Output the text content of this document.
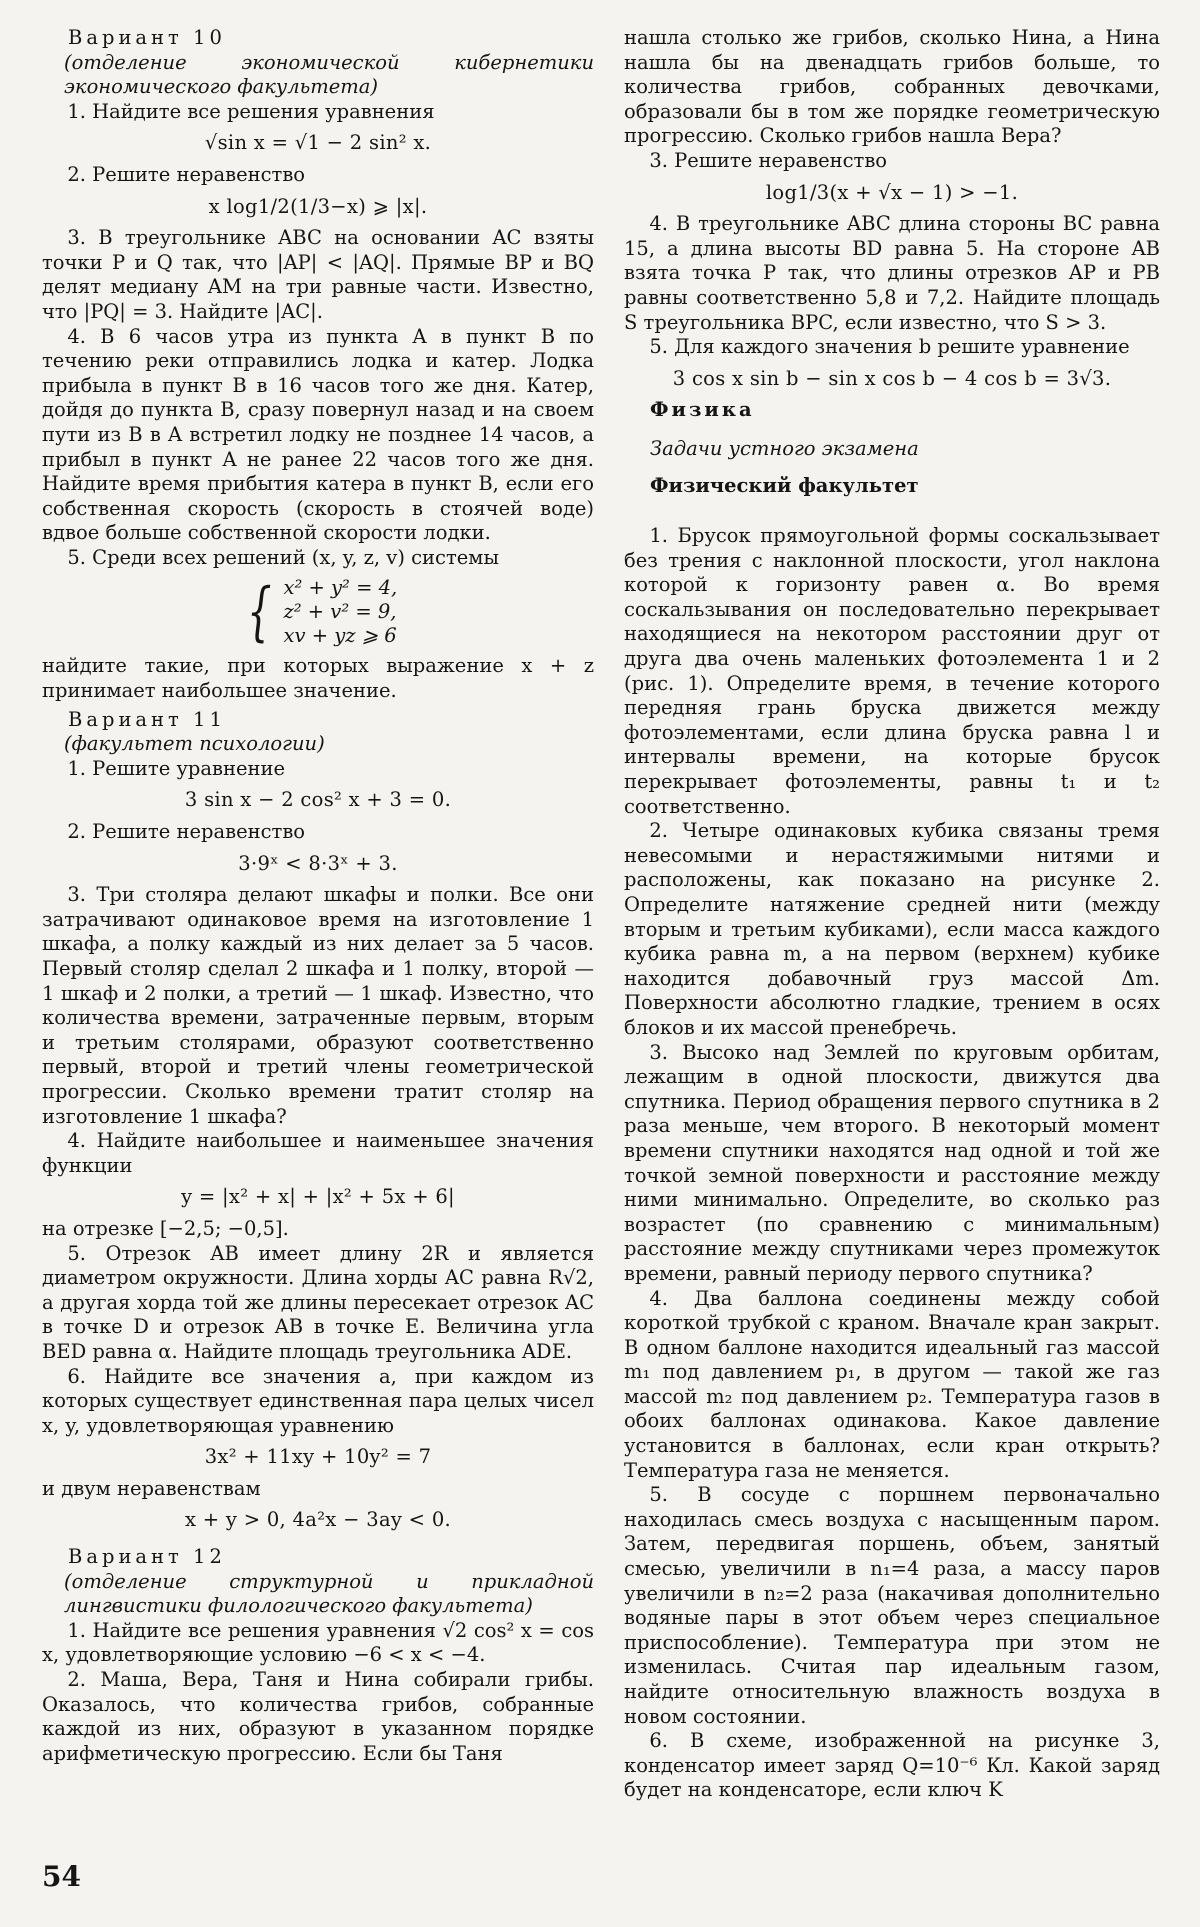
Вариант 10
(отделение экономической кибернетики экономического факультета)

1. Найдите все решения уравнения

√sin x = √1 − 2 sin² x.

2. Решите неравенство

x log1/2(1/3−x) ⩾ |x|.

3. В треугольнике ABC на основании AC взяты точки P и Q так, что |AP| < |AQ|. Прямые BP и BQ делят медиану AM на три равные части. Известно, что |PQ| = 3. Найдите |AC|.

4. В 6 часов утра из пункта A в пункт B по течению реки отправились лодка и катер. Лодка прибыла в пункт B в 16 часов того же дня. Катер, дойдя до пункта B, сразу повернул назад и на своем пути из B в A встретил лодку не позднее 14 часов, а прибыл в пункт A не ранее 22 часов того же дня. Найдите время прибытия катера в пункт B, если его собственная скорость (скорость в стоячей воде) вдвое больше собственной скорости лодки.

5. Среди всех решений (x, y, z, v) системы

{ x² + y² = 4,
z² + v² = 9,
xv + yz ⩾ 6

найдите такие, при которых выражение x + z принимает наибольшее значение.

Вариант 11
(факультет психологии)

1. Решите уравнение

3 sin x − 2 cos² x + 3 = 0.

2. Решите неравенство

3·9ˣ < 8·3ˣ + 3.

3. Три столяра делают шкафы и полки. Все они затрачивают одинаковое время на изготовление 1 шкафа, а полку каждый из них делает за 5 часов. Первый столяр сделал 2 шкафа и 1 полку, второй — 1 шкаф и 2 полки, а третий — 1 шкаф. Известно, что количества времени, затраченные первым, вторым и третьим столярами, образуют соответственно первый, второй и третий члены геометрической прогрессии. Сколько времени тратит столяр на изготовление 1 шкафа?

4. Найдите наибольшее и наименьшее значения функции

y = |x² + x| + |x² + 5x + 6|

на отрезке [−2,5; −0,5].

5. Отрезок AB имеет длину 2R и является диаметром окружности. Длина хорды AC равна R√2, а другая хорда той же длины пересекает отрезок AC в точке D и отрезок AB в точке E. Величина угла BED равна α. Найдите площадь треугольника ADE.

6. Найдите все значения a, при каждом из которых существует единственная пара целых чисел x, y, удовлетворяющая уравнению

3x² + 11xy + 10y² = 7

и двум неравенствам

x + y > 0, 4a²x − 3ay < 0.
Вариант 12
(отделение структурной и прикладной лингвистики филологического факультета)

1. Найдите все решения уравнения √2 cos² x = cos x, удовлетворяющие условию −6 < x < −4.

2. Маша, Вера, Таня и Нина собирали грибы. Оказалось, что количества грибов, собранные каждой из них, образуют в указанном порядке арифметическую прогрессию. Если бы Таня

нашла столько же грибов, сколько Нина, а Нина нашла бы на двенадцать грибов больше, то количества грибов, собранных девочками, образовали бы в том же порядке геометрическую прогрессию. Сколько грибов нашла Вера?

3. Решите неравенство

log1/3(x + √x − 1) > −1.

4. В треугольнике ABC длина стороны BC равна 15, а длина высоты BD равна 5. На стороне AB взята точка P так, что длины отрезков AP и PB равны соответственно 5,8 и 7,2. Найдите площадь S треугольника BPC, если известно, что S > 3.

5. Для каждого значения b решите уравнение

3 cos x sin b − sin x cos b − 4 cos b = 3√3.
Физика
Задачи устного экзамена
Физический факультет

1. Брусок прямоугольной формы соскальзывает без трения с наклонной плоскости, угол наклона которой к горизонту равен α. Во время соскальзывания он последовательно перекрывает находящиеся на некотором расстоянии друг от друга два очень маленьких фотоэлемента 1 и 2 (рис. 1). Определите время, в течение которого передняя грань бруска движется между фотоэлементами, если длина бруска равна l и интервалы времени, на которые брусок перекрывает фотоэлементы, равны t₁ и t₂ соответственно.

2. Четыре одинаковых кубика связаны тремя невесомыми и нерастяжимыми нитями и расположены, как показано на рисунке 2. Определите натяжение средней нити (между вторым и третьим кубиками), если масса каждого кубика равна m, а на первом (верхнем) кубике находится добавочный груз массой Δm. Поверхности абсолютно гладкие, трением в осях блоков и их массой пренебречь.

3. Высоко над Землей по круговым орбитам, лежащим в одной плоскости, движутся два спутника. Период обращения первого спутника в 2 раза меньше, чем второго. В некоторый момент времени спутники находятся над одной и той же точкой земной поверхности и расстояние между ними минимально. Определите, во сколько раз возрастет (по сравнению с минимальным) расстояние между спутниками через промежуток времени, равный периоду первого спутника?

4. Два баллона соединены между собой короткой трубкой с краном. Вначале кран закрыт. В одном баллоне находится идеальный газ массой m₁ под давлением p₁, в другом — такой же газ массой m₂ под давлением p₂. Температура газов в обоих баллонах одинакова. Какое давление установится в баллонах, если кран открыть? Температура газа не меняется.

5. В сосуде с поршнем первоначально находилась смесь воздуха с насыщенным паром. Затем, передвигая поршень, объем, занятый смесью, увеличили в n₁=4 раза, а массу паров увеличили в n₂=2 раза (накачивая дополнительно водяные пары в этот объем через специальное приспособление). Температура при этом не изменилась. Считая пар идеальным газом, найдите относительную влажность воздуха в новом состоянии.

6. В схеме, изображенной на рисунке 3, конденсатор имеет заряд Q=10⁻⁶ Кл. Какой заряд будет на конденсаторе, если ключ K

54
